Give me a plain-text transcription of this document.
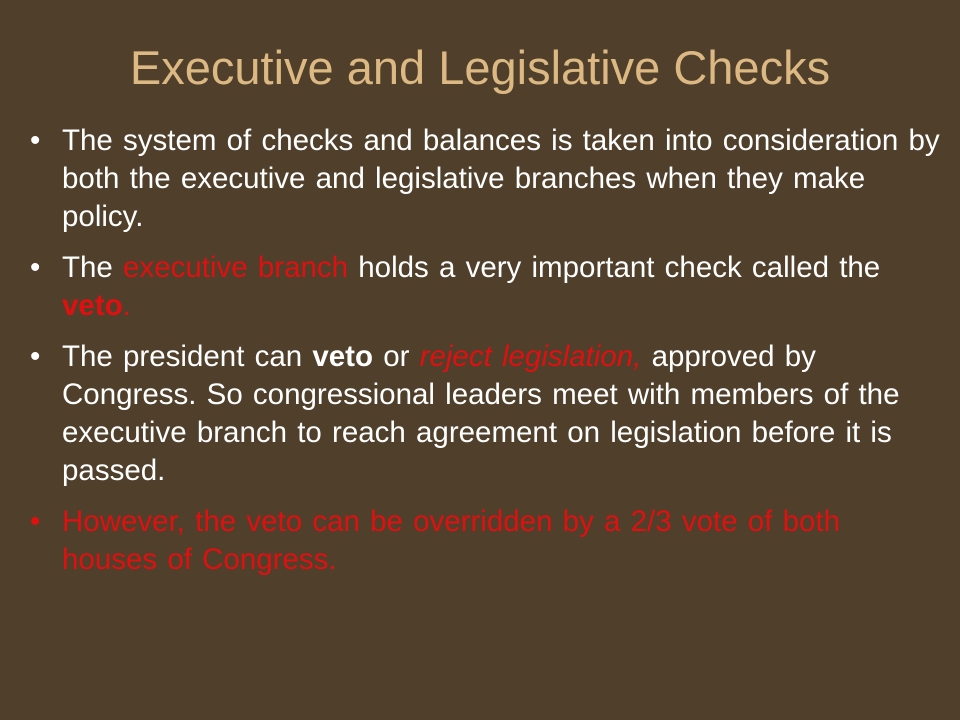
Executive and Legislative Checks
• The system of checks and balances is taken into consideration by both the executive and legislative branches when they make policy.
• The executive branch holds a very important check called the veto.
• The president can veto or reject legislation, approved by Congress. So congressional leaders meet with members of the executive branch to reach agreement on legislation before it is passed.
• However, the veto can be overridden by a 2/3 vote of both houses of Congress.
